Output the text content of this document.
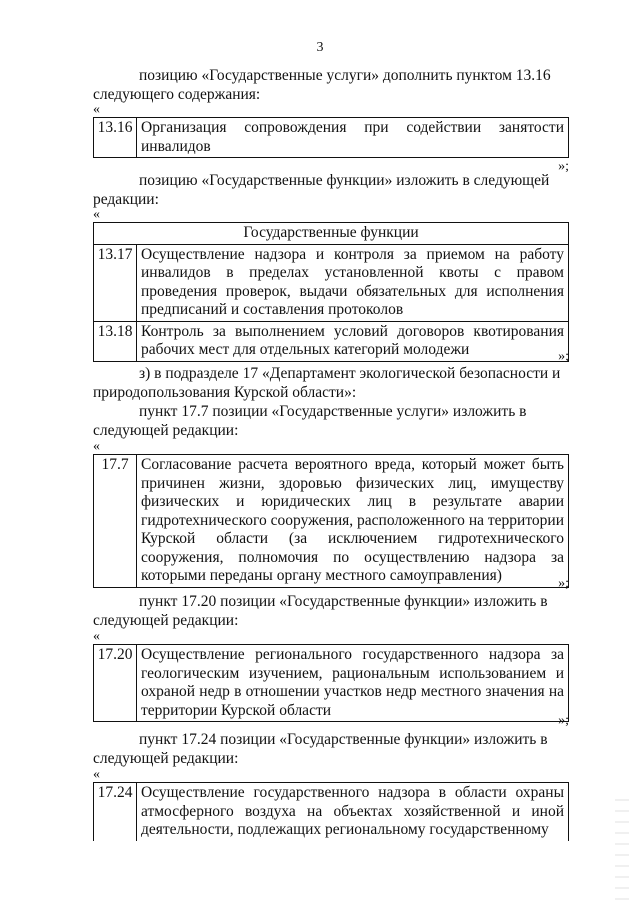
3

позицию «Государственные услуги» дополнить пунктом 13.16 следующего содержания:

«
13.16	Организация сопровождения при содействии занятости инвалидов
»;

позицию «Государственные функции» изложить в следующей редакции:

«
Государственные функции	
13.17	Осуществление надзора и контроля за приемом на работу инвалидов в пределах установленной квоты с правом проведения проверок, выдачи обязательных для исполнения предписаний и составления протоколов
13.18	Контроль за выполнением условий договоров квотирования рабочих мест для отдельных категорий молодежи	»;

з) в подразделе 17 «Департамент экологической безопасности и природопользования Курской области»:

пункт 17.7 позиции «Государственные услуги» изложить в следующей редакции:

«
17.7	Согласование расчета вероятного вреда, который может быть причинен жизни, здоровью физических лиц, имуществу физических и юридических лиц в результате аварии гидротехнического сооружения, расположенного на территории Курской области (за исключением гидротехнического сооружения, полномочия по осуществлению надзора за которыми переданы органу местного самоуправления)	»;

пункт 17.20 позиции «Государственные функции» изложить в следующей редакции:

«
17.20	Осуществление регионального государственного надзора за геологическим изучением, рациональным использованием и охраной недр в отношении участков недр местного значения на территории Курской области
»;

пункт 17.24 позиции «Государственные функции» изложить в следующей редакции:

«
17.24	Осуществление государственного надзора в области охраны атмосферного воздуха на объектах хозяйственной и иной деятельности, подлежащих региональному государственному
